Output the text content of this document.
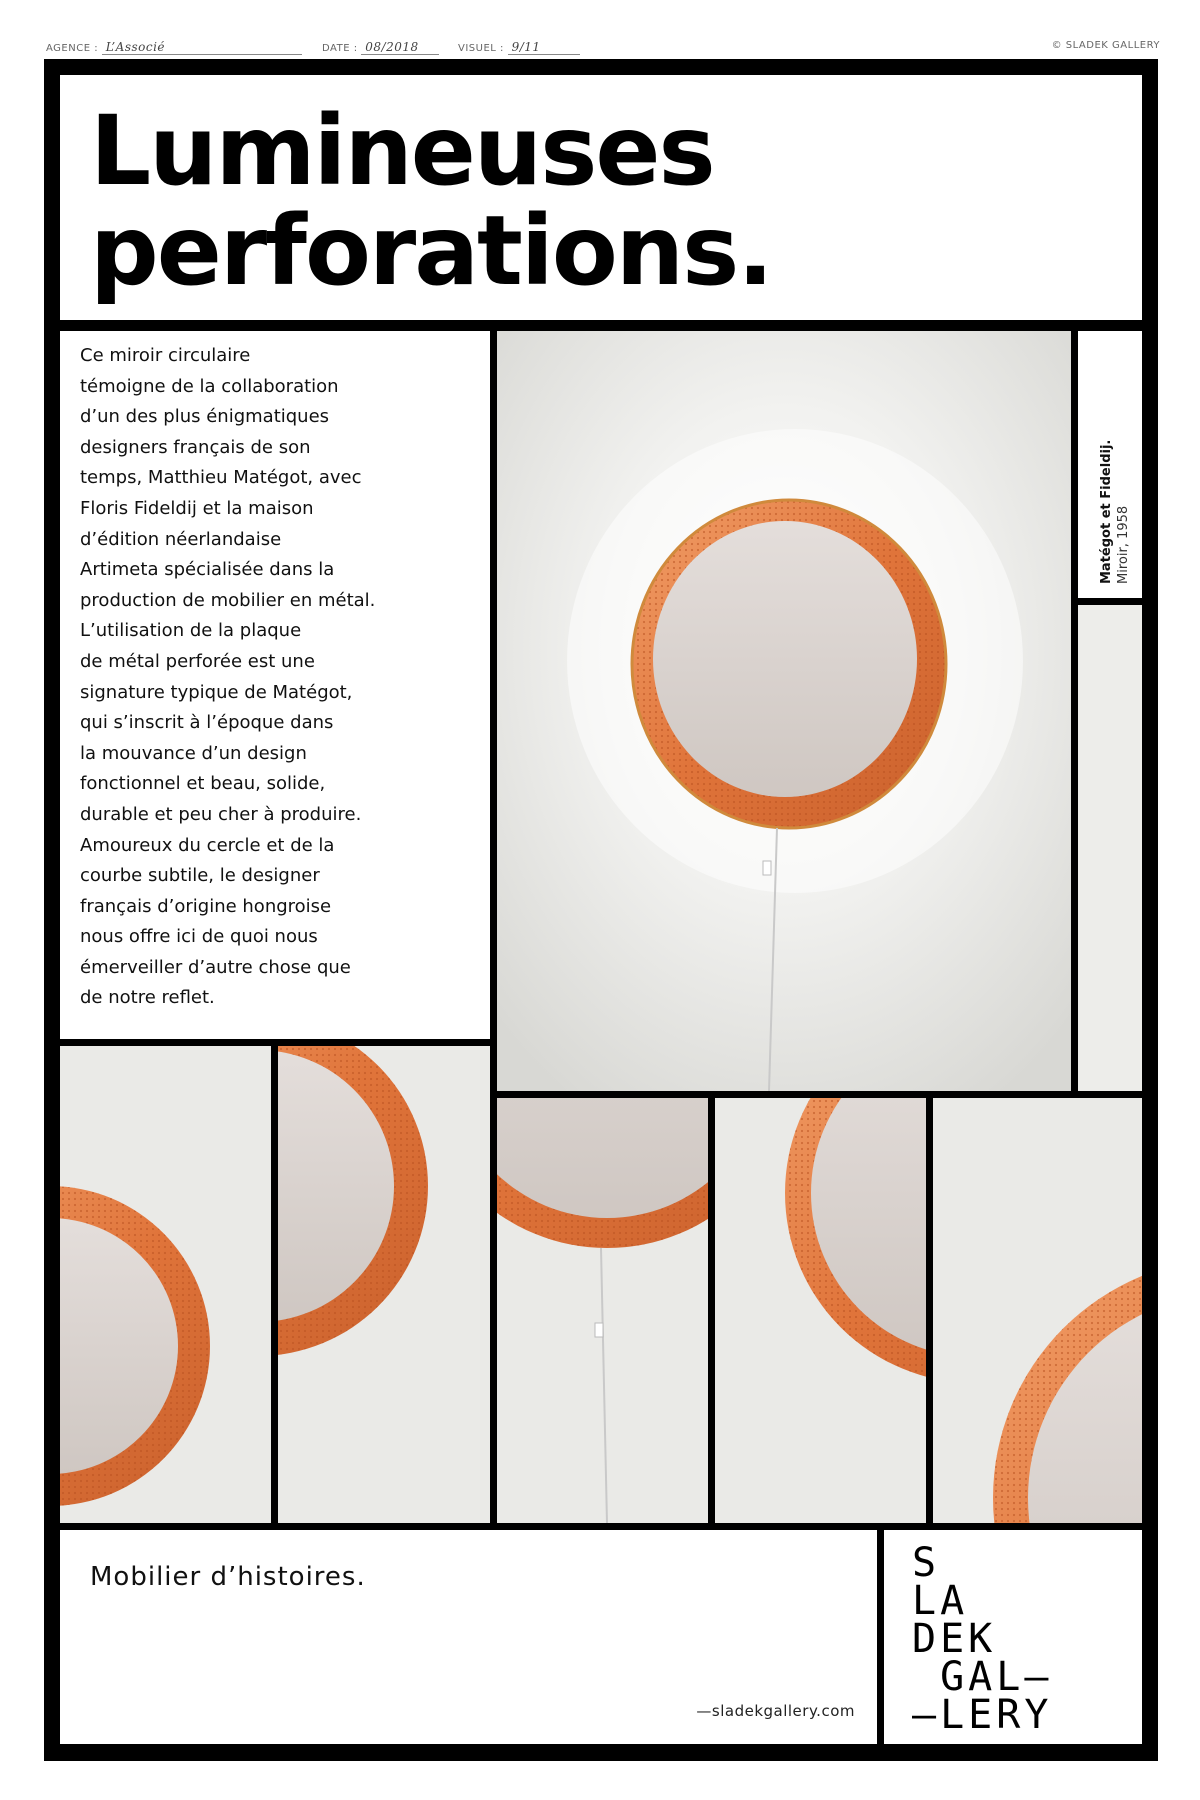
AGENCE : L’Associé	DATE : 08/2018	VISUEL : 9/11	© SLADEK GALLERY
Lumineuses
perforations.
Ce miroir circulaire
témoigne de la collaboration
d’un des plus énigmatiques
designers français de son
temps, Matthieu Matégot, avec
Floris Fideldij et la maison
d’édition néerlandaise
Artimeta spécialisée dans la
production de mobilier en métal.
L’utilisation de la plaque
de métal perforée est une
signature typique de Matégot,
qui s’inscrit à l’époque dans
la mouvance d’un design
fonctionnel et beau, solide,
durable et peu cher à produire.
Amoureux du cercle et de la
courbe subtile, le designer
français d’origine hongroise
nous offre ici de quoi nous
émerveiller d’autre chose que
de notre reflet.
Matégot et Fideldij. Miroir, 1958
Mobilier d’histoires.
—sladekgallery.com
S
LA
DEK
GAL—
—LERY
